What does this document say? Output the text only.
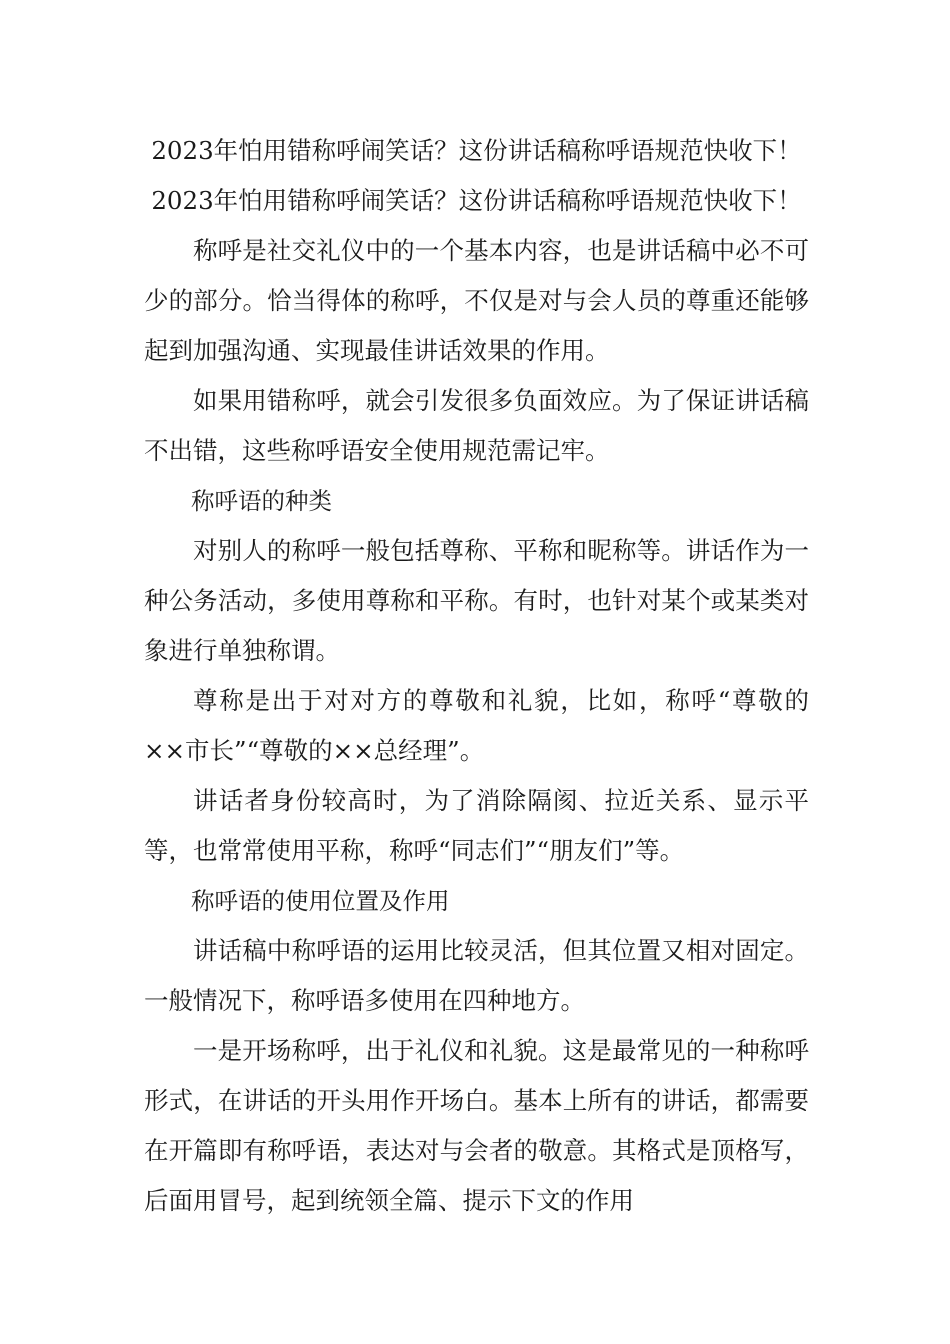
2023年怕用错称呼闹笑话？这份讲话稿称呼语规范快收下！

2023年怕用错称呼闹笑话？这份讲话稿称呼语规范快收下！

称呼是社交礼仪中的一个基本内容，也是讲话稿中必不可少的部分。恰当得体的称呼，不仅是对与会人员的尊重还能够起到加强沟通、实现最佳讲话效果的作用。

如果用错称呼，就会引发很多负面效应。为了保证讲话稿不出错，这些称呼语安全使用规范需记牢。

称呼语的种类

对别人的称呼一般包括尊称、平称和昵称等。讲话作为一种公务活动，多使用尊称和平称。有时，也针对某个或某类对象进行单独称谓。

尊称是出于对对方的尊敬和礼貌，比如，称呼“尊敬的××市长”“尊敬的××总经理”。

讲话者身份较高时，为了消除隔阂、拉近关系、显示平等，也常常使用平称，称呼“同志们”“朋友们”等。

称呼语的使用位置及作用

讲话稿中称呼语的运用比较灵活，但其位置又相对固定。一般情况下，称呼语多使用在四种地方。

一是开场称呼，出于礼仪和礼貌。这是最常见的一种称呼形式，在讲话的开头用作开场白。基本上所有的讲话，都需要在开篇即有称呼语，表达对与会者的敬意。其格式是顶格写，后面用冒号，起到统领全篇、提示下文的作用
